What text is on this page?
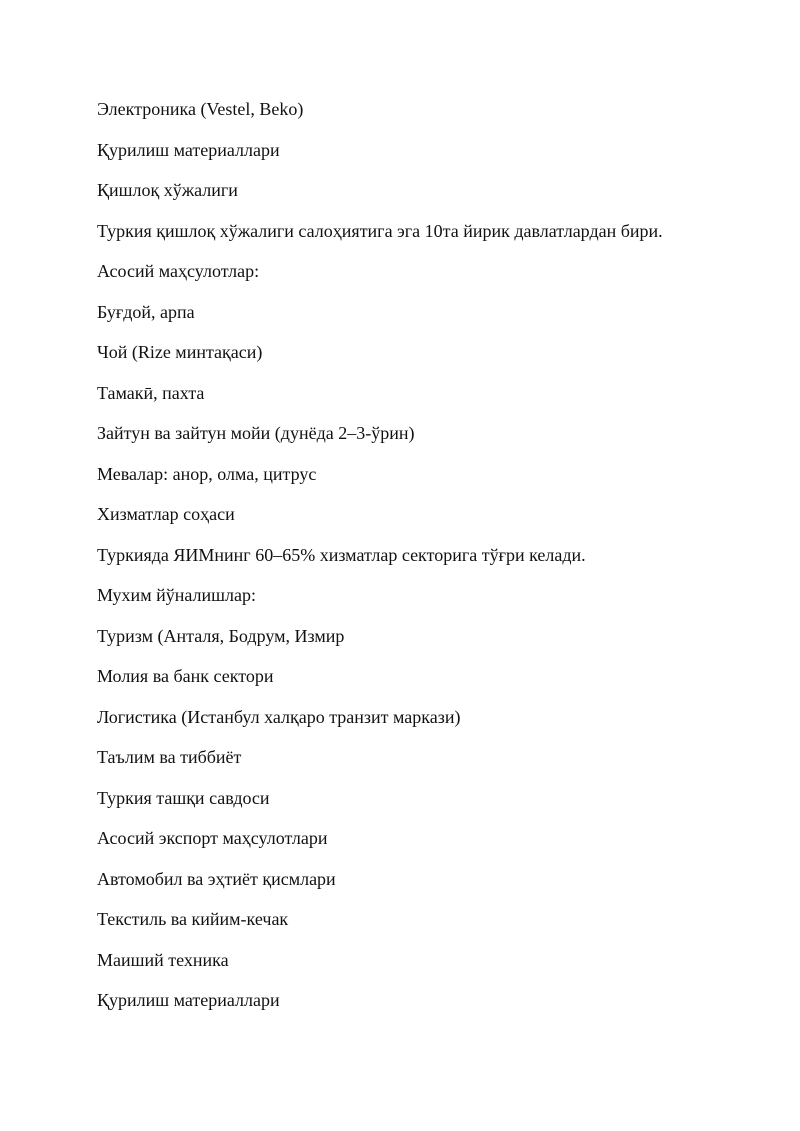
Электроника (Vestel, Beko)

Қурилиш материаллари

Қишлоқ хўжалиги

Туркия қишлоқ хўжалиги салоҳиятига эга 10та йирик давлатлардан бири.

Асосий маҳсулотлар:

Буғдой, арпа

Чой (Rize минтақаси)

Тамакӣ, пахта

Зайтун ва зайтун мойи (дунёда 2–3-ўрин)

Мевалар: анор, олма, цитрус

Хизматлар соҳаси

Туркияда ЯИМнинг 60–65% хизматлар секторига тўғри келади.

Мухим йўналишлар:

Туризм (Анталя, Бодрум, Измир

Молия ва банк сектори

Логистика (Истанбул халқаро транзит маркази)

Таълим ва тиббиёт

Туркия ташқи савдоси

Асосий экспорт маҳсулотлари

Автомобил ва эҳтиёт қисмлари

Текстиль ва кийим-кечак

Маиший техника

Қурилиш материаллари
